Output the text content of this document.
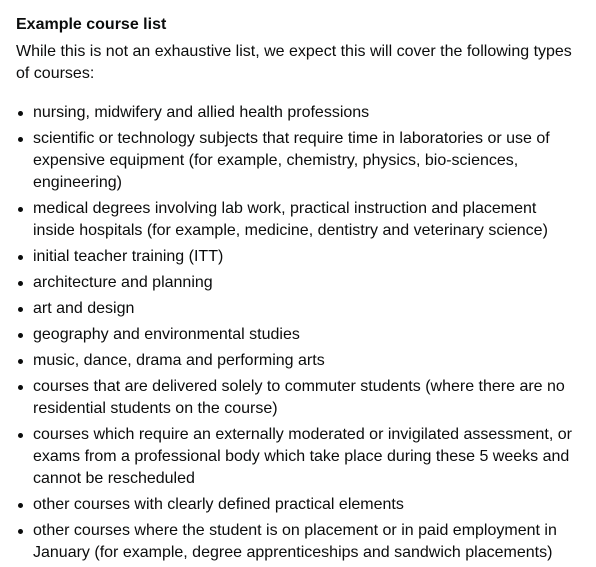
Example course list

While this is not an exhaustive list, we expect this will cover the following types of courses:

nursing, midwifery and allied health professions
scientific or technology subjects that require time in laboratories or use of expensive equipment (for example, chemistry, physics, bio-sciences, engineering)
medical degrees involving lab work, practical instruction and placement inside hospitals (for example, medicine, dentistry and veterinary science)
initial teacher training (ITT)
architecture and planning
art and design
geography and environmental studies
music, dance, drama and performing arts
courses that are delivered solely to commuter students (where there are no residential students on the course)
courses which require an externally moderated or invigilated assessment, or exams from a professional body which take place during these 5 weeks and cannot be rescheduled
other courses with clearly defined practical elements
other courses where the student is on placement or in paid employment in January (for example, degree apprenticeships and sandwich placements)
